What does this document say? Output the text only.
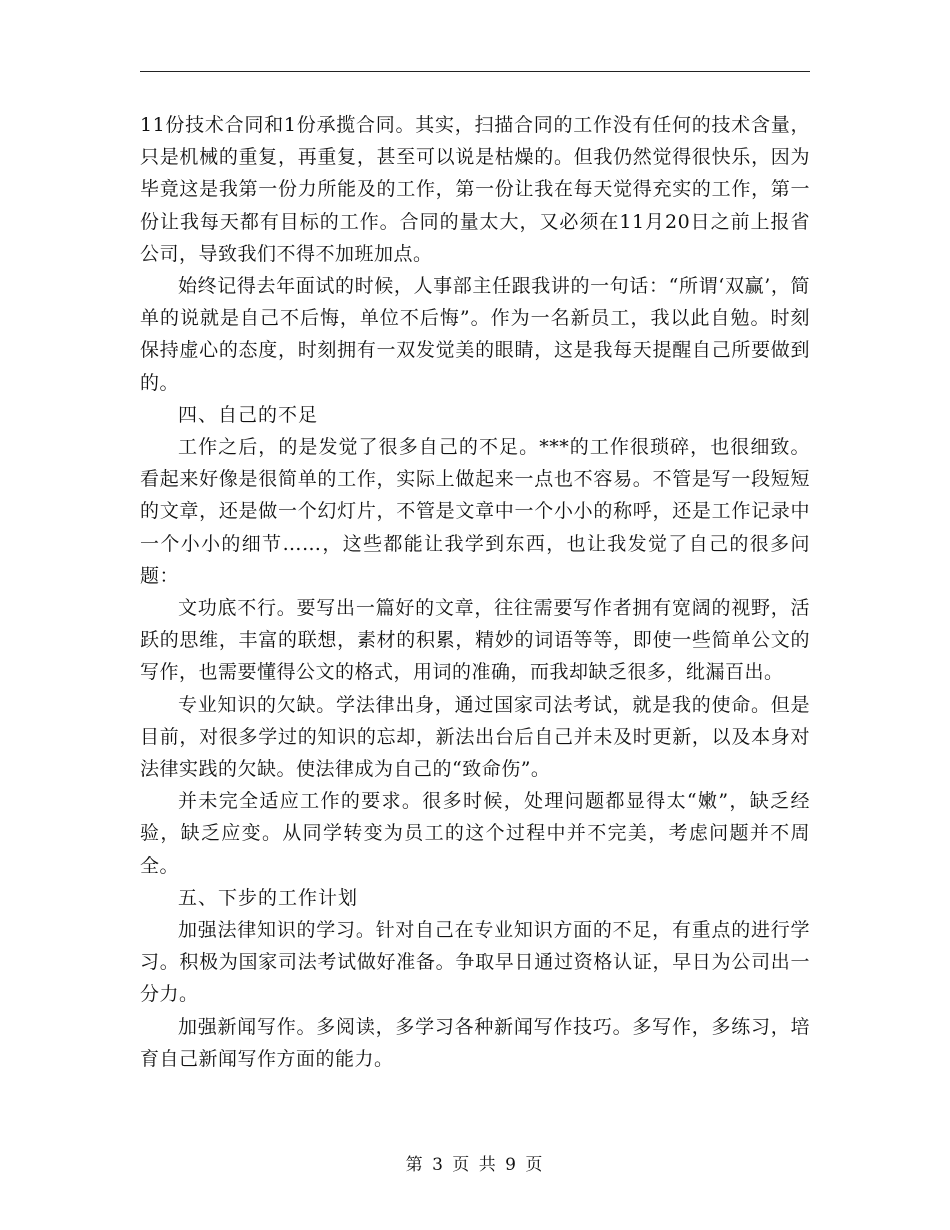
11份技术合同和1份承揽合同。其实，扫描合同的工作没有任何的技术含量，只是机械的重复，再重复，甚至可以说是枯燥的。但我仍然觉得很快乐，因为毕竟这是我第一份力所能及的工作，第一份让我在每天觉得充实的工作，第一份让我每天都有目标的工作。合同的量太大，又必须在11月20日之前上报省公司，导致我们不得不加班加点。

始终记得去年面试的时候，人事部主任跟我讲的一句话：“所谓‘双赢’，简单的说就是自己不后悔，单位不后悔”。作为一名新员工，我以此自勉。时刻保持虚心的态度，时刻拥有一双发觉美的眼睛，这是我每天提醒自己所要做到的。

四、自己的不足

工作之后，的是发觉了很多自己的不足。***的工作很琐碎，也很细致。看起来好像是很简单的工作，实际上做起来一点也不容易。不管是写一段短短的文章，还是做一个幻灯片，不管是文章中一个小小的称呼，还是工作记录中一个小小的细节……，这些都能让我学到东西，也让我发觉了自己的很多问题：

文功底不行。要写出一篇好的文章，往往需要写作者拥有宽阔的视野，活跃的思维，丰富的联想，素材的积累，精妙的词语等等，即使一些简单公文的写作，也需要懂得公文的格式，用词的准确，而我却缺乏很多，纰漏百出。

专业知识的欠缺。学法律出身，通过国家司法考试，就是我的使命。但是目前，对很多学过的知识的忘却，新法出台后自己并未及时更新，以及本身对法律实践的欠缺。使法律成为自己的“致命伤”。

并未完全适应工作的要求。很多时候，处理问题都显得太“嫩”，缺乏经验，缺乏应变。从同学转变为员工的这个过程中并不完美，考虑问题并不周全。

五、下步的工作计划

加强法律知识的学习。针对自己在专业知识方面的不足，有重点的进行学习。积极为国家司法考试做好准备。争取早日通过资格认证，早日为公司出一分力。

加强新闻写作。多阅读，多学习各种新闻写作技巧。多写作，多练习，培育自己新闻写作方面的能力。

第 3 页 共 9 页
